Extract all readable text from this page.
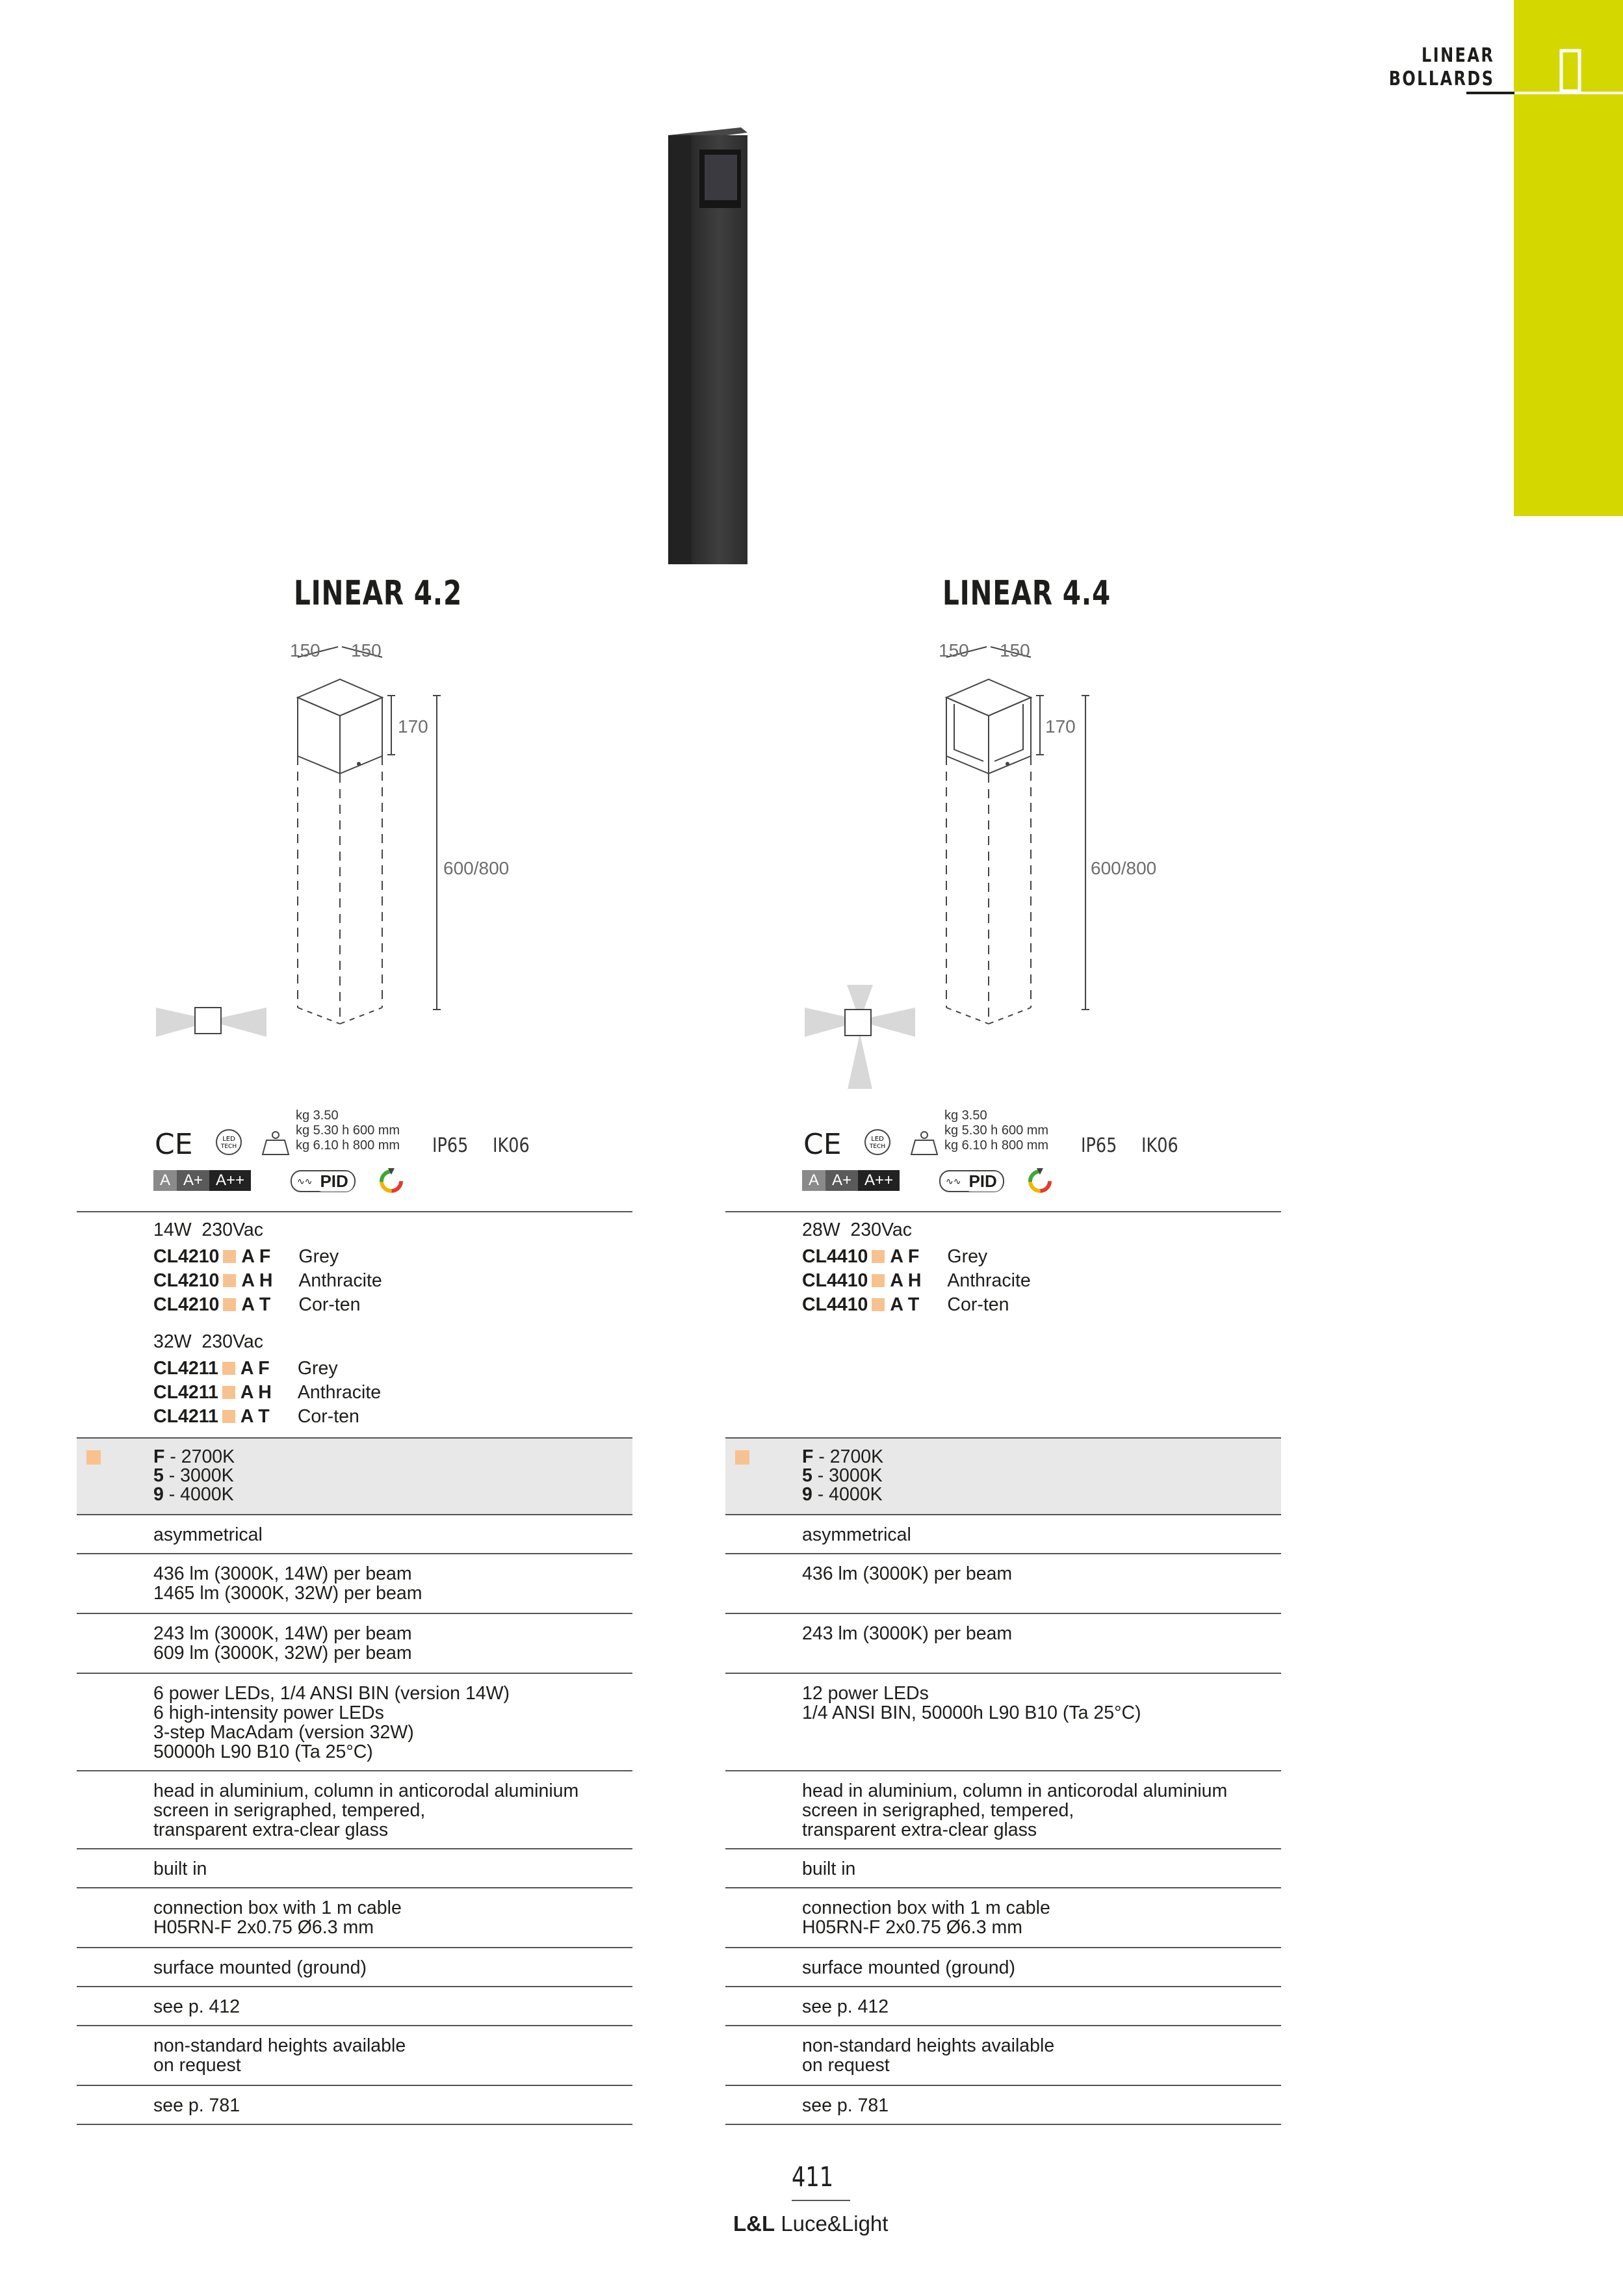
LINEAR
BOLLARDS
LINEAR 4.2
150 150
170
600/800
CE	LED
TECH
kg 3.50
kg 5.30 h 600 mm
kg 6.10 h 800 mm IP65 IK06
A A+ A++	∿∿ PID
LINEAR 4.4
150 150
170
600/800
CE	LED
TECH
kg 3.50
kg 5.30 h 600 mm
kg 6.10 h 800 mm IP65 IK06
A A+ A++	∿∿ PID
14W  230Vac
CL4210 A F	Grey
CL4210 A H	Anthracite
CL4210 A T	Cor-ten
32W  230Vac
CL4211 A F	Grey
CL4211 A H	Anthracite
CL4211 A T	Cor-ten
F - 2700K
5 - 3000K
9 - 4000K
asymmetrical
436 lm (3000K, 14W) per beam
1465 lm (3000K, 32W) per beam
243 lm (3000K, 14W) per beam
609 lm (3000K, 32W) per beam
6 power LEDs, 1/4 ANSI BIN (version 14W)
6 high-intensity power LEDs
3-step MacAdam (version 32W)
50000h L90 B10 (Ta 25°C)
head in aluminium, column in anticorodal aluminium
screen in serigraphed, tempered,
transparent extra-clear glass
built in
connection box with 1 m cable
H05RN-F 2x0.75 Ø6.3 mm
surface mounted (ground)
see p. 412
non-standard heights available
on request
see p. 781
28W  230Vac
CL4410 A F	Grey
CL4410 A H	Anthracite
CL4410 A T	Cor-ten
F - 2700K
5 - 3000K
9 - 4000K
asymmetrical
436 lm (3000K) per beam
243 lm (3000K) per beam
12 power LEDs
1/4 ANSI BIN, 50000h L90 B10 (Ta 25°C)
head in aluminium, column in anticorodal aluminium
screen in serigraphed, tempered,
transparent extra-clear glass
built in
connection box with 1 m cable
H05RN-F 2x0.75 Ø6.3 mm
surface mounted (ground)
see p. 412
non-standard heights available
on request
see p. 781
411
L&L Luce&Light
